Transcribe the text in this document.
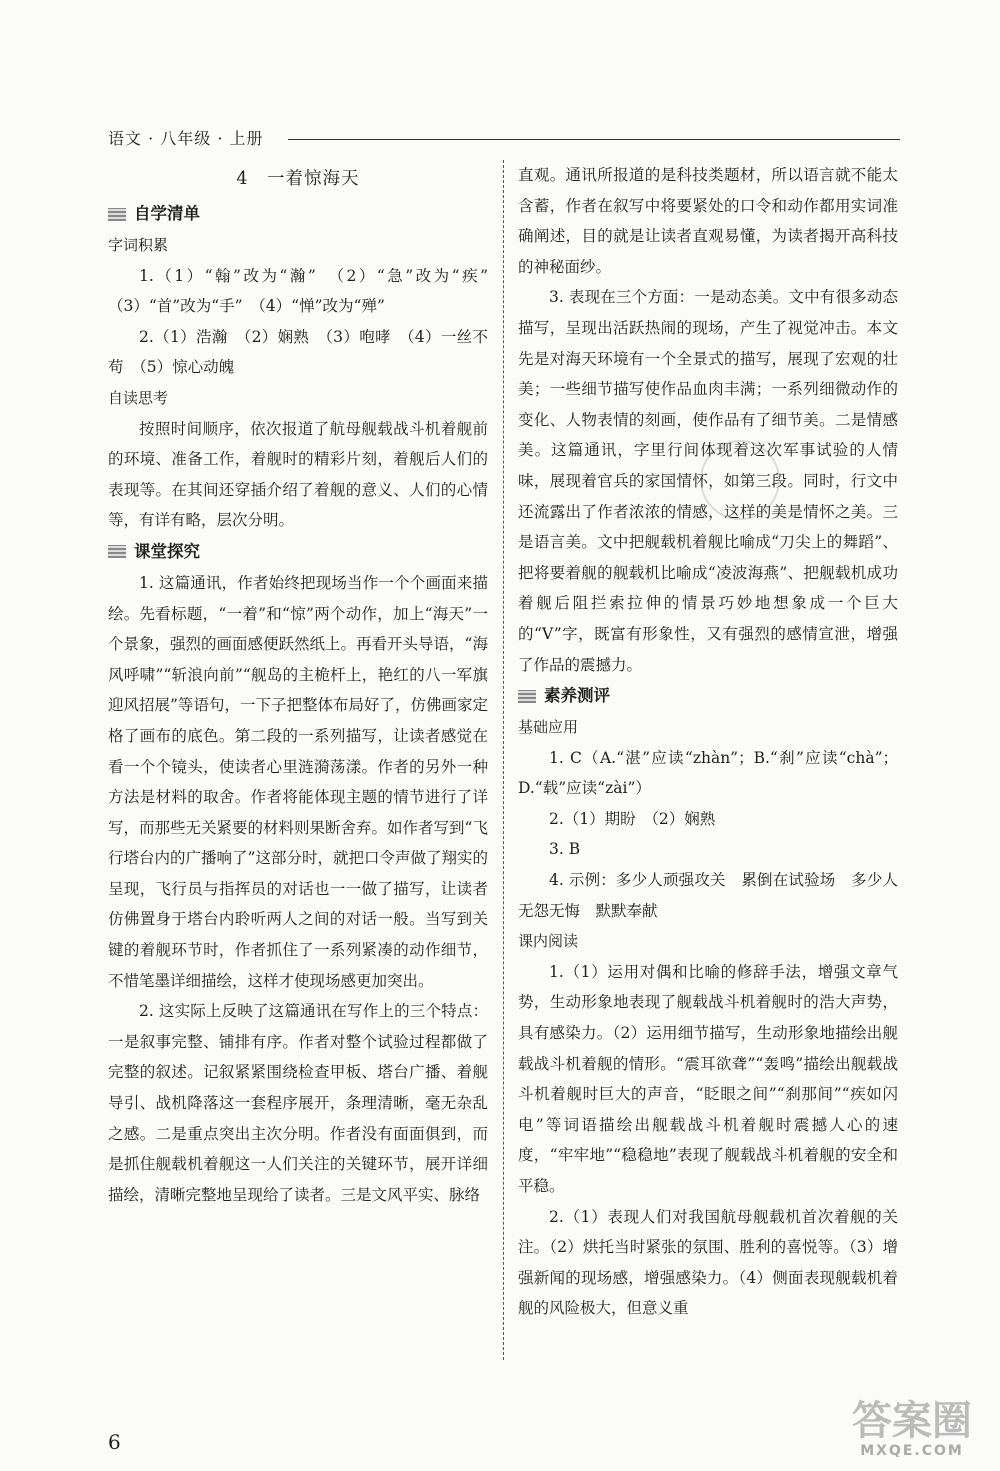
语文 · 八年级 · 上册
4　一着惊海天
自学清单
字词积累

1.（1）“翰”改为“瀚”　（2）“急”改为“疾”　（3）“首”改为“手”　（4）“惮”改为“殚”

2.（1）浩瀚　（2）娴熟　（3）咆哮　（4）一丝不苟　（5）惊心动魄

自读思考

按照时间顺序，依次报道了航母舰载战斗机着舰前的环境、准备工作，着舰时的精彩片刻，着舰后人们的表现等。在其间还穿插介绍了着舰的意义、人们的心情等，有详有略，层次分明。

课堂探究

1. 这篇通讯，作者始终把现场当作一个个画面来描绘。先看标题，“一着”和“惊”两个动作，加上“海天”一个景象，强烈的画面感便跃然纸上。再看开头导语，“海风呼啸”“斩浪向前”“舰岛的主桅杆上，艳红的八一军旗迎风招展”等语句，一下子把整体布局好了，仿佛画家定格了画布的底色。第二段的一系列描写，让读者感觉在看一个个镜头，使读者心里涟漪荡漾。作者的另外一种方法是材料的取舍。作者将能体现主题的情节进行了详写，而那些无关紧要的材料则果断舍弃。如作者写到“飞行塔台内的广播响了”这部分时，就把口令声做了翔实的呈现，飞行员与指挥员的对话也一一做了描写，让读者仿佛置身于塔台内聆听两人之间的对话一般。当写到关键的着舰环节时，作者抓住了一系列紧凑的动作细节，不惜笔墨详细描绘，这样才使现场感更加突出。

2. 这实际上反映了这篇通讯在写作上的三个特点：一是叙事完整、铺排有序。作者对整个试验过程都做了完整的叙述。记叙紧紧围绕检查甲板、塔台广播、着舰导引、战机降落这一套程序展开，条理清晰，毫无杂乱之感。二是重点突出主次分明。作者没有面面俱到，而是抓住舰载机着舰这一人们关注的关键环节，展开详细描绘，清晰完整地呈现给了读者。三是文风平实、脉络

直观。通讯所报道的是科技类题材，所以语言就不能太含蓄，作者在叙写中将要紧处的口令和动作都用实词准确阐述，目的就是让读者直观易懂，为读者揭开高科技的神秘面纱。

3. 表现在三个方面：一是动态美。文中有很多动态描写，呈现出活跃热闹的现场，产生了视觉冲击。本文先是对海天环境有一个全景式的描写，展现了宏观的壮美；一些细节描写使作品血肉丰满；一系列细微动作的变化、人物表情的刻画，使作品有了细节美。二是情感美。这篇通讯，字里行间体现着这次军事试验的人情味，展现着官兵的家国情怀，如第三段。同时，行文中还流露出了作者浓浓的情感，这样的美是情怀之美。三是语言美。文中把舰载机着舰比喻成“刀尖上的舞蹈”、把将要着舰的舰载机比喻成“凌波海燕”、把舰载机成功着舰后阻拦索拉伸的情景巧妙地想象成一个巨大的“V”字，既富有形象性，又有强烈的感情宣泄，增强了作品的震撼力。

素养测评
基础应用

1. C（A.“湛”应读“zhàn”；B.“刹”应读“chà”；D.“载”应读“zài”）

2.（1）期盼　（2）娴熟

3. B

4. 示例：多少人顽强攻关　累倒在试验场　多少人无怨无悔　默默奉献

课内阅读

1.（1）运用对偶和比喻的修辞手法，增强文章气势，生动形象地表现了舰载战斗机着舰时的浩大声势，具有感染力。（2）运用细节描写，生动形象地描绘出舰载战斗机着舰的情形。“震耳欲聋”“轰鸣”描绘出舰载战斗机着舰时巨大的声音，“眨眼之间”“刹那间”“疾如闪电”等词语描绘出舰载战斗机着舰时震撼人心的速度，“牢牢地”“稳稳地”表现了舰载战斗机着舰的安全和平稳。

2.（1）表现人们对我国航母舰载机首次着舰的关注。（2）烘托当时紧张的氛围、胜利的喜悦等。（3）增强新闻的现场感，增强感染力。（4）侧面表现舰载机着舰的风险极大，但意义重

6	答案圈
MXQE.COM
